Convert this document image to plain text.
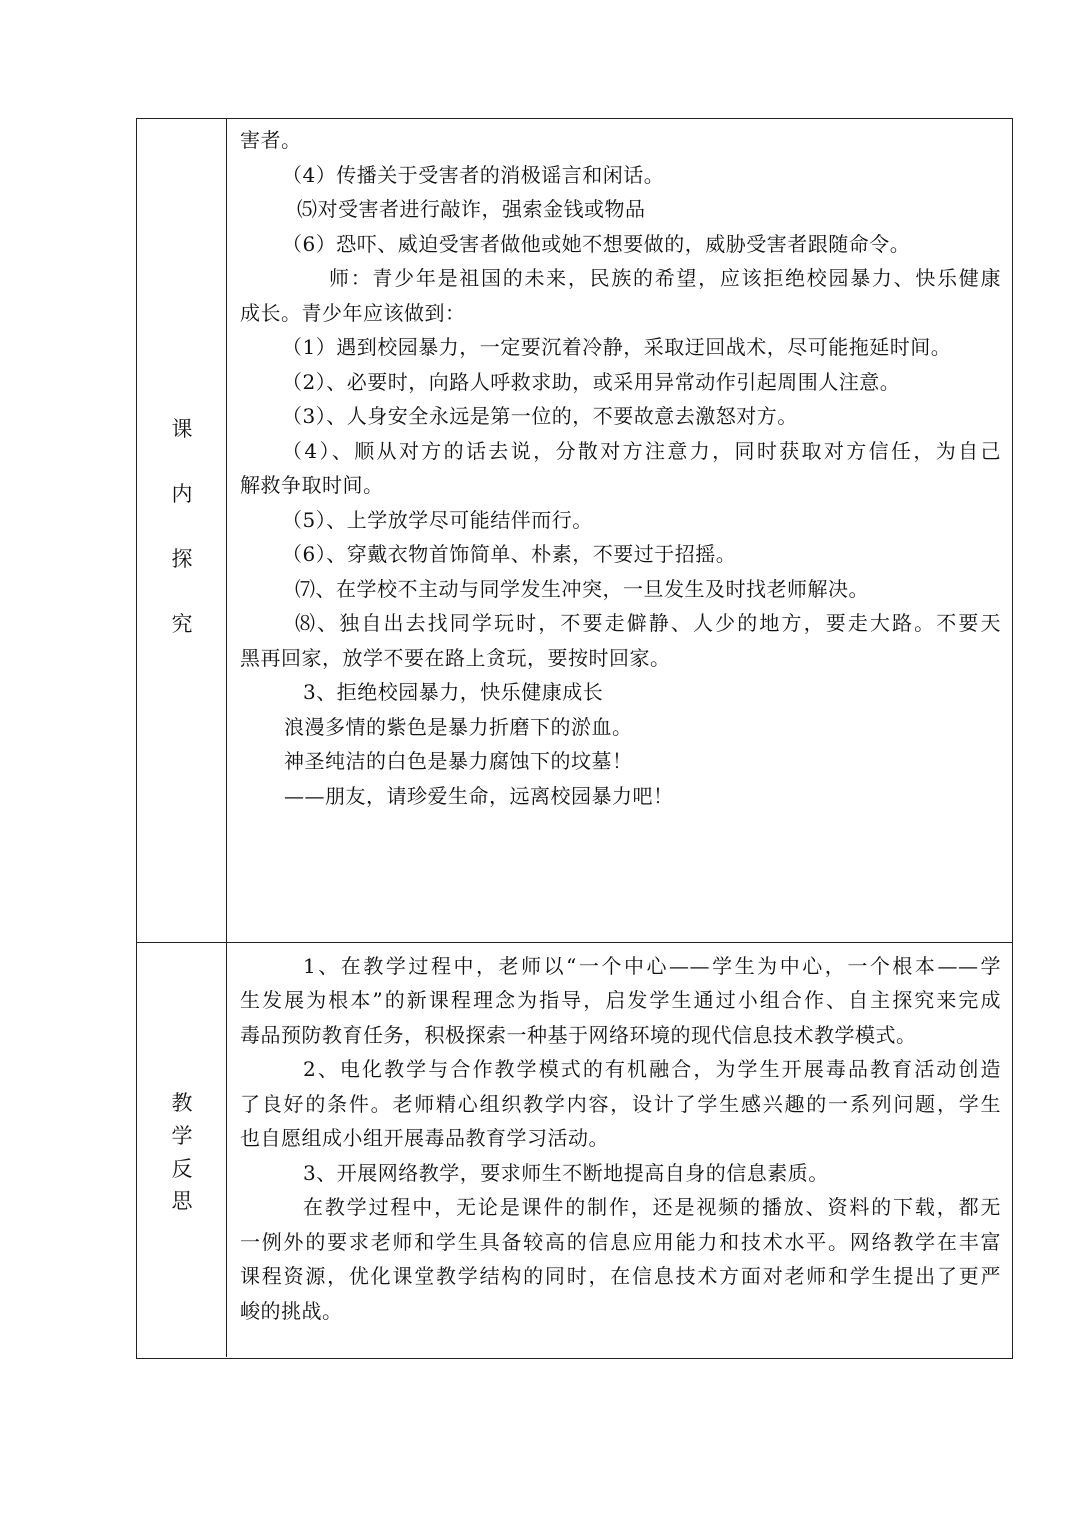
课
内
探
究
害者。
（4）传播关于受害者的消极谣言和闲话。
⑸对受害者进行敲诈，强索金钱或物品
（6）恐吓、威迫受害者做他或她不想要做的，威胁受害者跟随命令。
师：青少年是祖国的未来，民族的希望，应该拒绝校园暴力、快乐健康
成长。青少年应该做到：
（1）遇到校园暴力，一定要沉着冷静，采取迂回战术，尽可能拖延时间。
（2）、必要时，向路人呼救求助，或采用异常动作引起周围人注意。
（3）、人身安全永远是第一位的，不要故意去激怒对方。
（4）、顺从对方的话去说，分散对方注意力，同时获取对方信任，为自己
解救争取时间。
（5）、上学放学尽可能结伴而行。
（6）、穿戴衣物首饰简单、朴素，不要过于招摇。
⑺、在学校不主动与同学发生冲突，一旦发生及时找老师解决。
⑻、独自出去找同学玩时，不要走僻静、人少的地方，要走大路。不要天
黑再回家，放学不要在路上贪玩，要按时回家。
3、拒绝校园暴力，快乐健康成长
浪漫多情的紫色是暴力折磨下的淤血。
神圣纯洁的白色是暴力腐蚀下的坟墓！
——朋友，请珍爱生命，远离校园暴力吧！
教
学
反
思
1、在教学过程中，老师以“一个中心——学生为中心，一个根本——学
生发展为根本”的新课程理念为指导，启发学生通过小组合作、自主探究来完成
毒品预防教育任务，积极探索一种基于网络环境的现代信息技术教学模式。
2、电化教学与合作教学模式的有机融合，为学生开展毒品教育活动创造
了良好的条件。老师精心组织教学内容，设计了学生感兴趣的一系列问题，学生
也自愿组成小组开展毒品教育学习活动。
3、开展网络教学，要求师生不断地提高自身的信息素质。
在教学过程中，无论是课件的制作，还是视频的播放、资料的下载，都无
一例外的要求老师和学生具备较高的信息应用能力和技术水平。网络教学在丰富
课程资源，优化课堂教学结构的同时，在信息技术方面对老师和学生提出了更严
峻的挑战。
